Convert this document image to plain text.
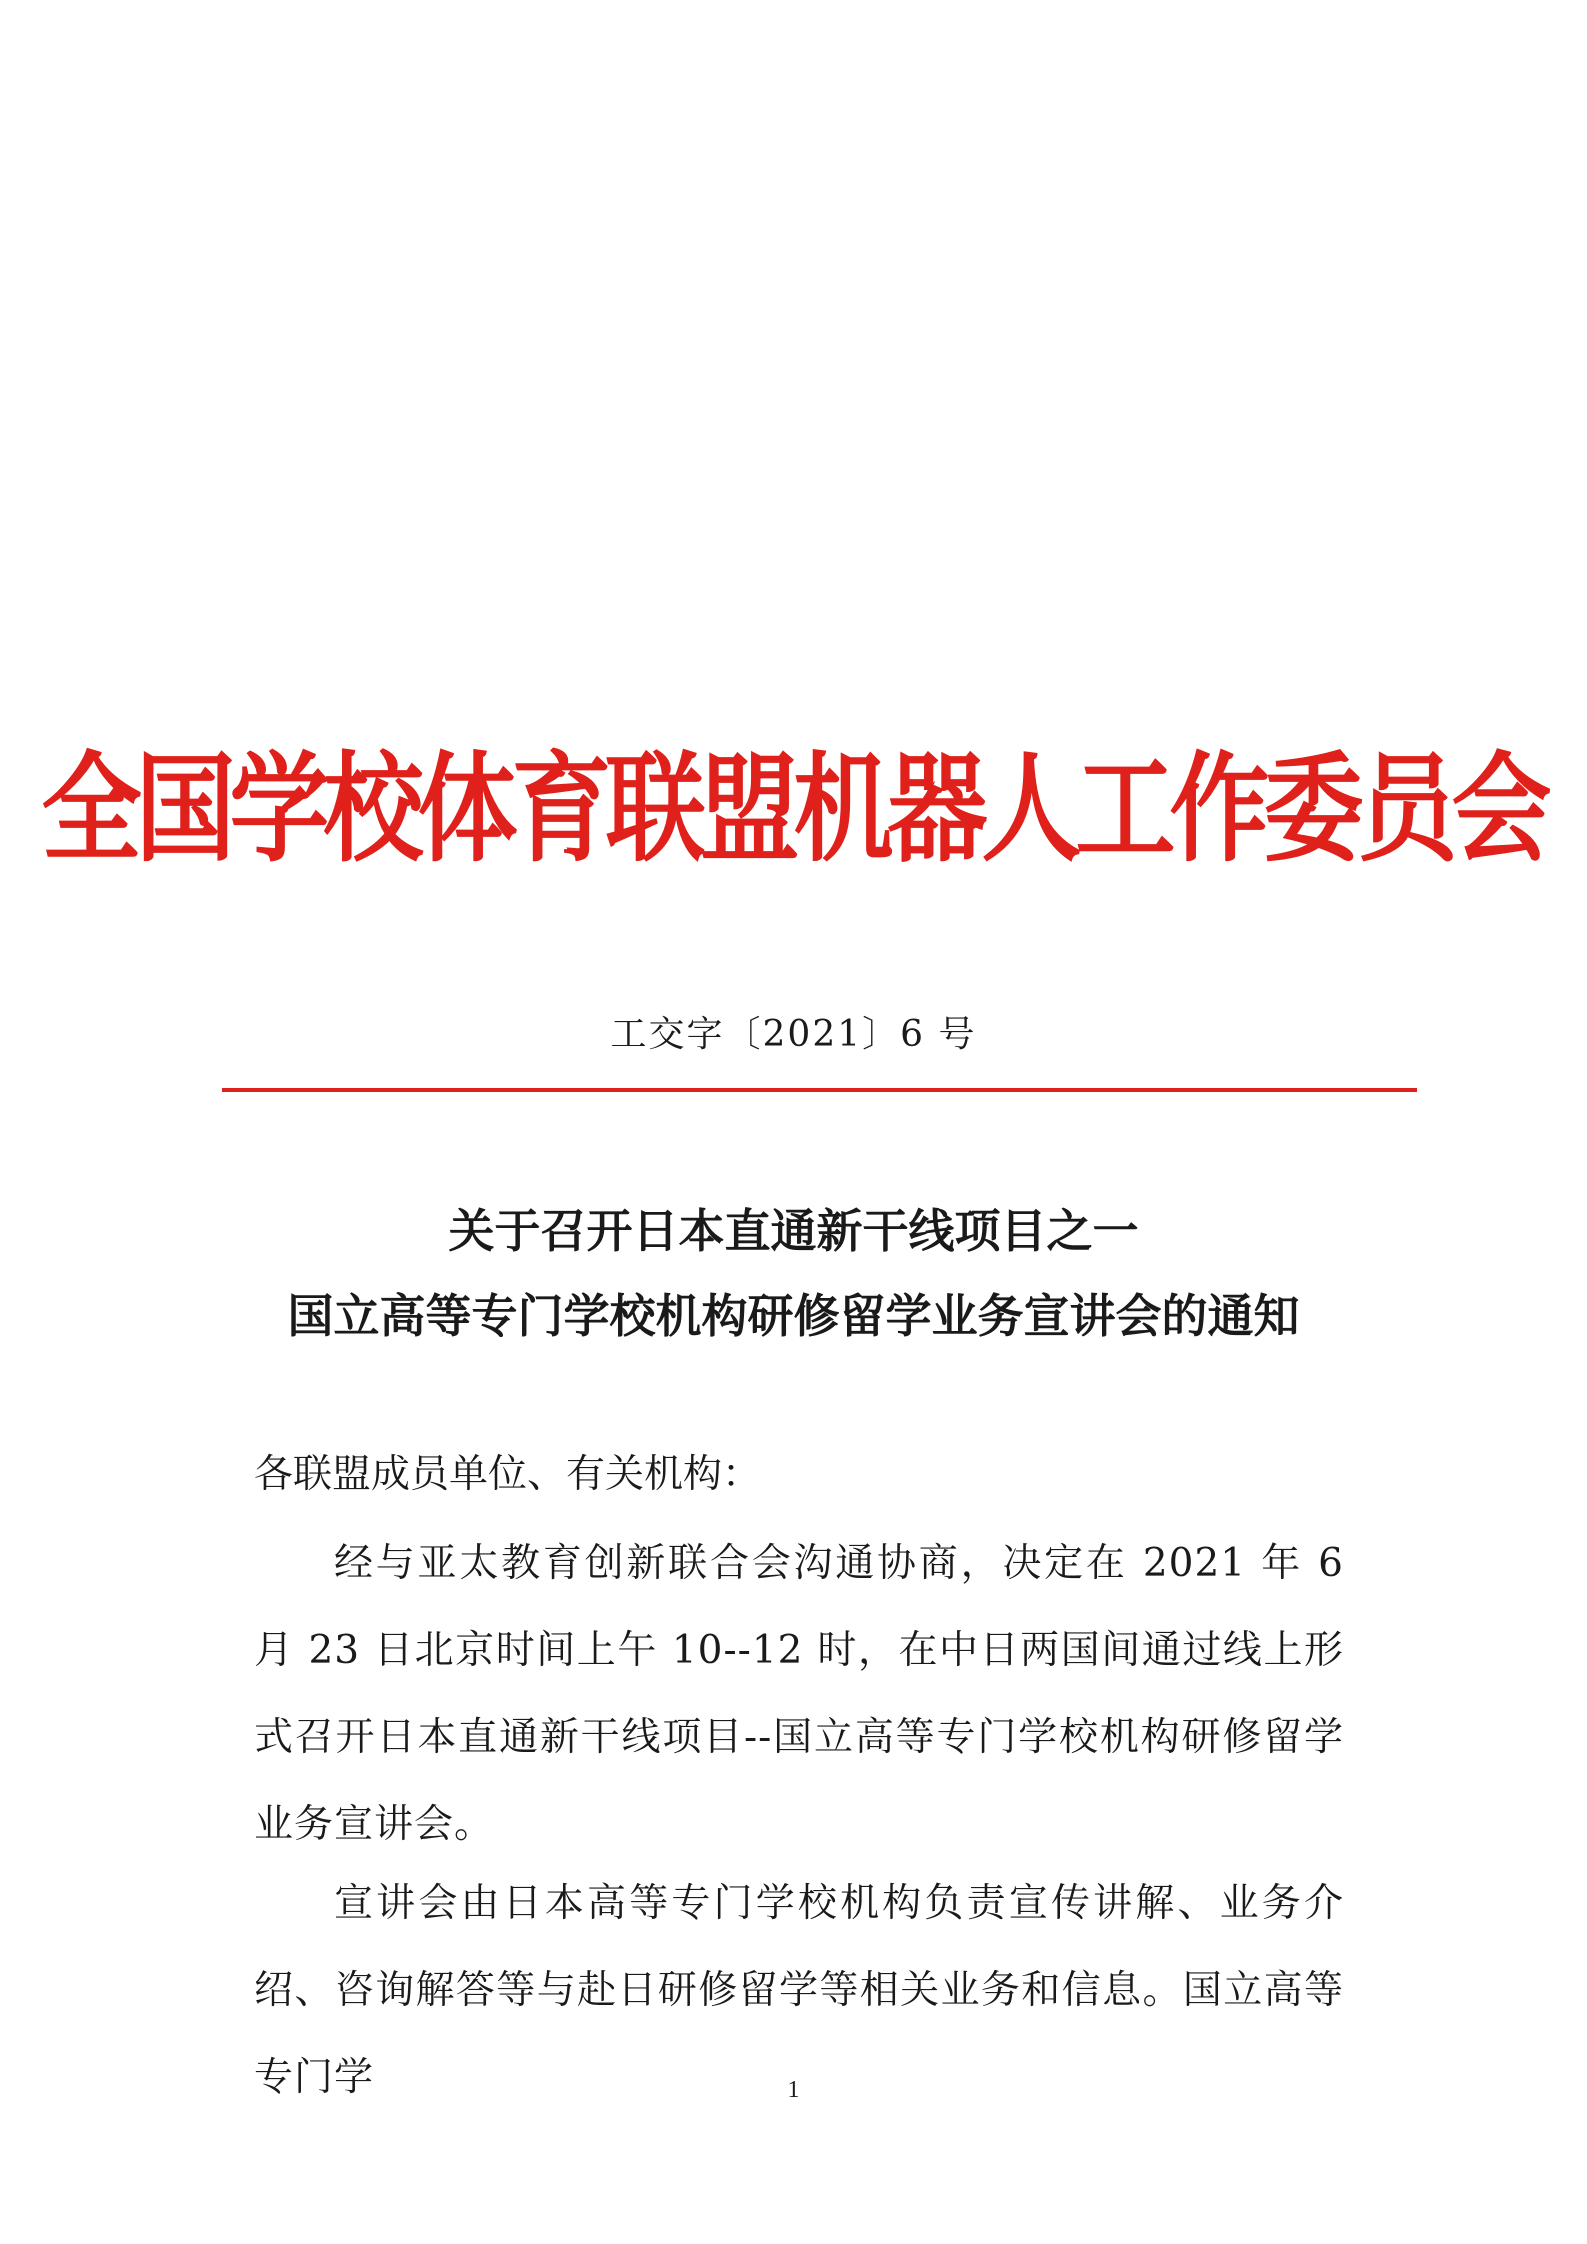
全国学校体育联盟机器人工作委员会
工交字〔2021〕6 号
关于召开日本直通新干线项目之一
国立高等专门学校机构研修留学业务宣讲会的通知
各联盟成员单位、有关机构：
经与亚太教育创新联合会沟通协商，决定在 2021 年 6 月 23 日北京时间上午 10--12 时，在中日两国间通过线上形式召开日本直通新干线项目--国立高等专门学校机构研修留学业务宣讲会。
宣讲会由日本高等专门学校机构负责宣传讲解、业务介绍、咨询解答等与赴日研修留学等相关业务和信息。国立高等专门学	1
